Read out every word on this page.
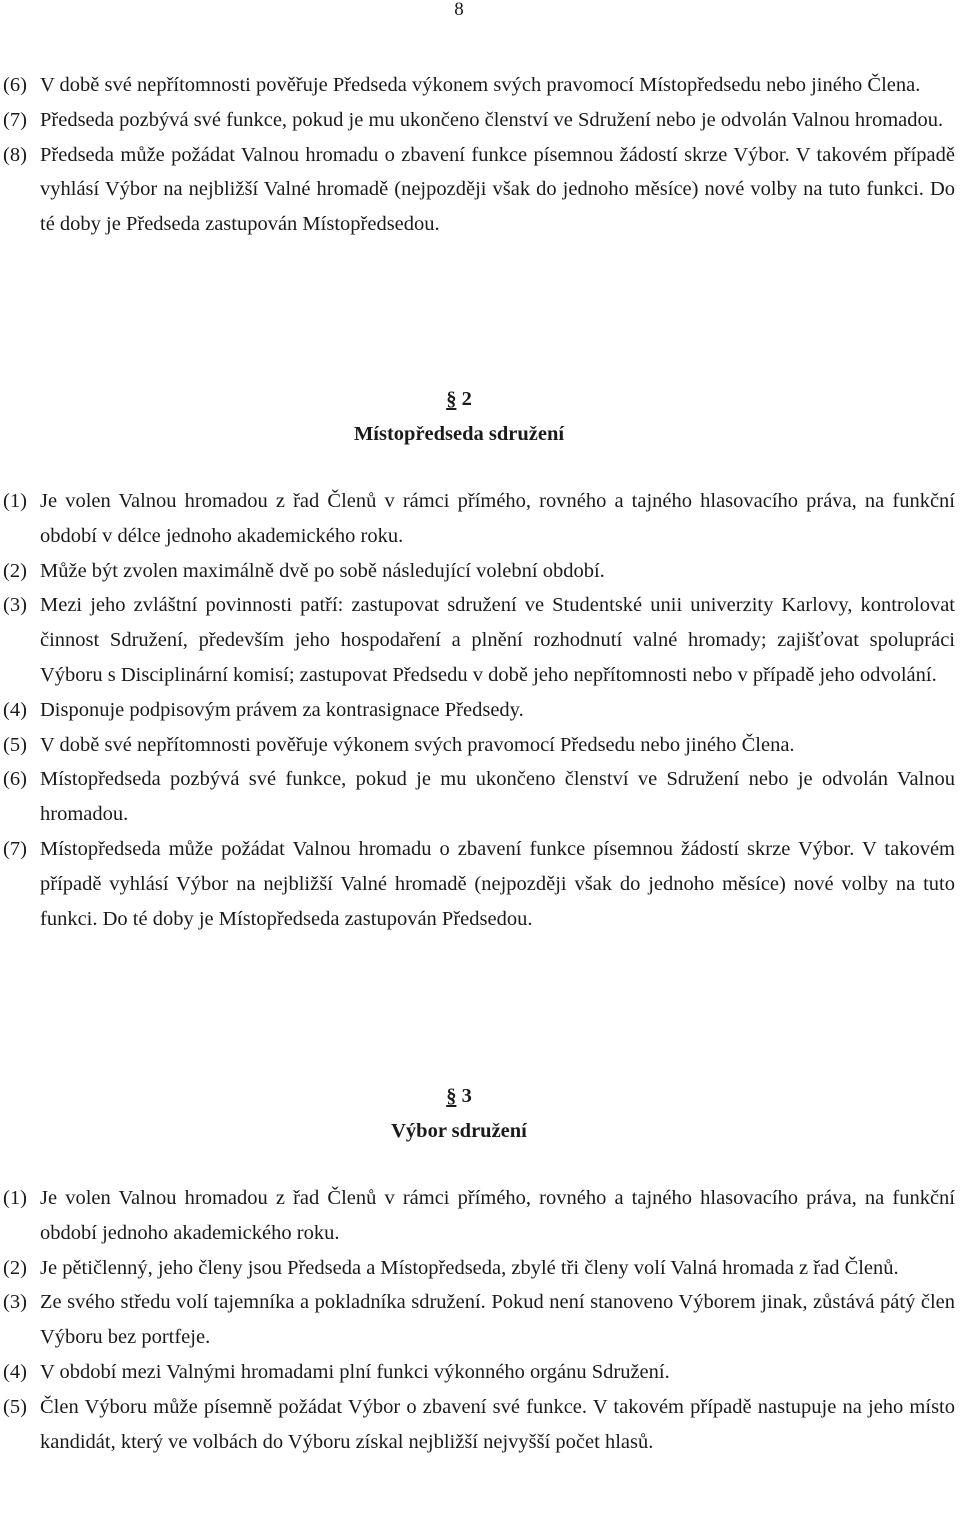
8
(6) V době své nepřítomnosti pověřuje Předseda výkonem svých pravomocí Místopředsedu nebo jiného Člena.
(7) Předseda pozbývá své funkce, pokud je mu ukončeno členství ve Sdružení nebo je odvolán Valnou hromadou.
(8) Předseda může požádat Valnou hromadu o zbavení funkce písemnou žádostí skrze Výbor. V takovém případě vyhlásí Výbor na nejbližší Valné hromadě (nejpozději však do jednoho měsíce) nové volby na tuto funkci. Do té doby je Předseda zastupován Místopředsedou.
§ 2
Místopředseda sdružení
(1) Je volen Valnou hromadou z řad Členů v rámci přímého, rovného a tajného hlasovacího práva, na funkční období v délce jednoho akademického roku.
(2) Může být zvolen maximálně dvě po sobě následující volební období.
(3) Mezi jeho zvláštní povinnosti patří: zastupovat sdružení ve Studentské unii univerzity Karlovy, kontrolovat činnost Sdružení, především jeho hospodaření a plnění rozhodnutí valné hromady; zajišťovat spolupráci Výboru s Disciplinární komisí; zastupovat Předsedu v době jeho nepřítomnosti nebo v případě jeho odvolání.
(4) Disponuje podpisovým právem za kontrasignace Předsedy.
(5) V době své nepřítomnosti pověřuje výkonem svých pravomocí Předsedu nebo jiného Člena.
(6) Místopředseda pozbývá své funkce, pokud je mu ukončeno členství ve Sdružení nebo je odvolán Valnou hromadou.
(7) Místopředseda může požádat Valnou hromadu o zbavení funkce písemnou žádostí skrze Výbor. V takovém případě vyhlásí Výbor na nejbližší Valné hromadě (nejpozději však do jednoho měsíce) nové volby na tuto funkci. Do té doby je Místopředseda zastupován Předsedou.
§ 3
Výbor sdružení
(1) Je volen Valnou hromadou z řad Členů v rámci přímého, rovného a tajného hlasovacího práva, na funkční období jednoho akademického roku.
(2) Je pětičlenný, jeho členy jsou Předseda a Místopředseda, zbylé tři členy volí Valná hromada z řad Členů.
(3) Ze svého středu volí tajemníka a pokladníka sdružení. Pokud není stanoveno Výborem jinak, zůstává pátý člen Výboru bez portfeje.
(4) V období mezi Valnými hromadami plní funkci výkonného orgánu Sdružení.
(5) Člen Výboru může písemně požádat Výbor o zbavení své funkce. V takovém případě nastupuje na jeho místo kandidát, který ve volbách do Výboru získal nejbližší nejvyšší počet hlasů.
